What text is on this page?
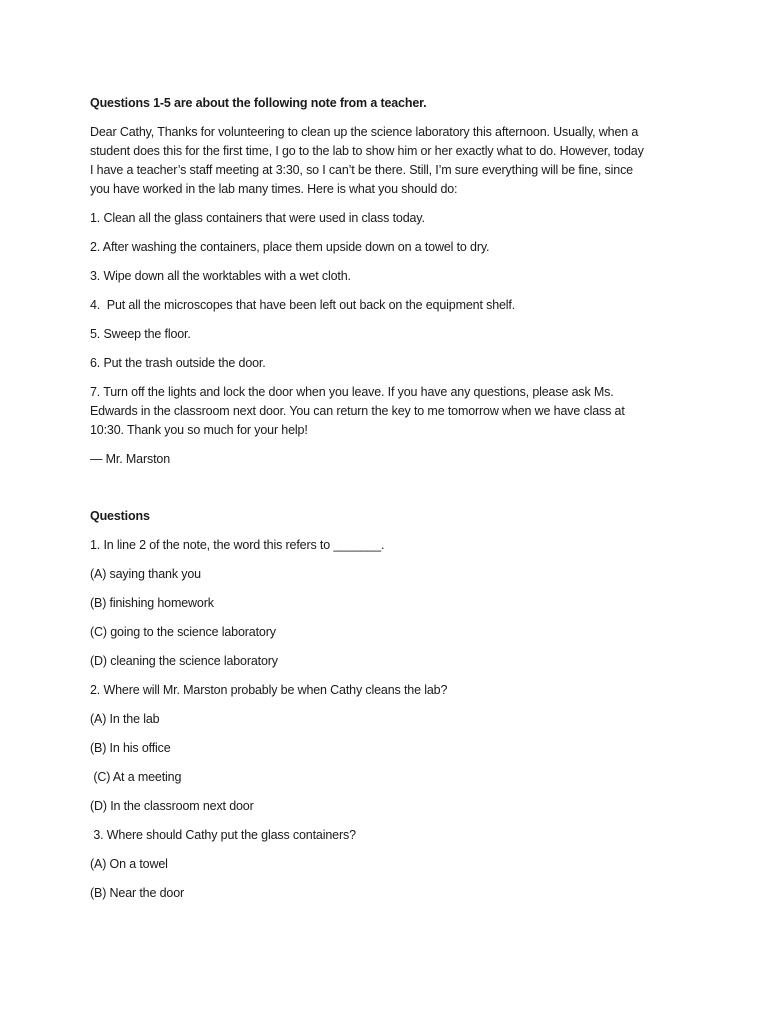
Questions 1-5 are about the following note from a teacher.

Dear Cathy, Thanks for volunteering to clean up the science laboratory this afternoon. Usually, when a

student does this for the first time, I go to the lab to show him or her exactly what to do. However, today

I have a teacher’s staff meeting at 3:30, so I can’t be there. Still, I’m sure everything will be fine, since

you have worked in the lab many times. Here is what you should do:

1. Clean all the glass containers that were used in class today.

2. After washing the containers, place them upside down on a towel to dry.

3. Wipe down all the worktables with a wet cloth.

4.  Put all the microscopes that have been left out back on the equipment shelf.

5. Sweep the floor.

6. Put the trash outside the door.

7. Turn off the lights and lock the door when you leave. If you have any questions, please ask Ms.

Edwards in the classroom next door. You can return the key to me tomorrow when we have class at

10:30. Thank you so much for your help!

— Mr. Marston

Questions

1. In line 2 of the note, the word this refers to _______.

(A) saying thank you

(B) finishing homework

(C) going to the science laboratory

(D) cleaning the science laboratory

2. Where will Mr. Marston probably be when Cathy cleans the lab?

(A) In the lab

(B) In his office

(C) At a meeting

(D) In the classroom next door

3. Where should Cathy put the glass containers?

(A) On a towel

(B) Near the door
